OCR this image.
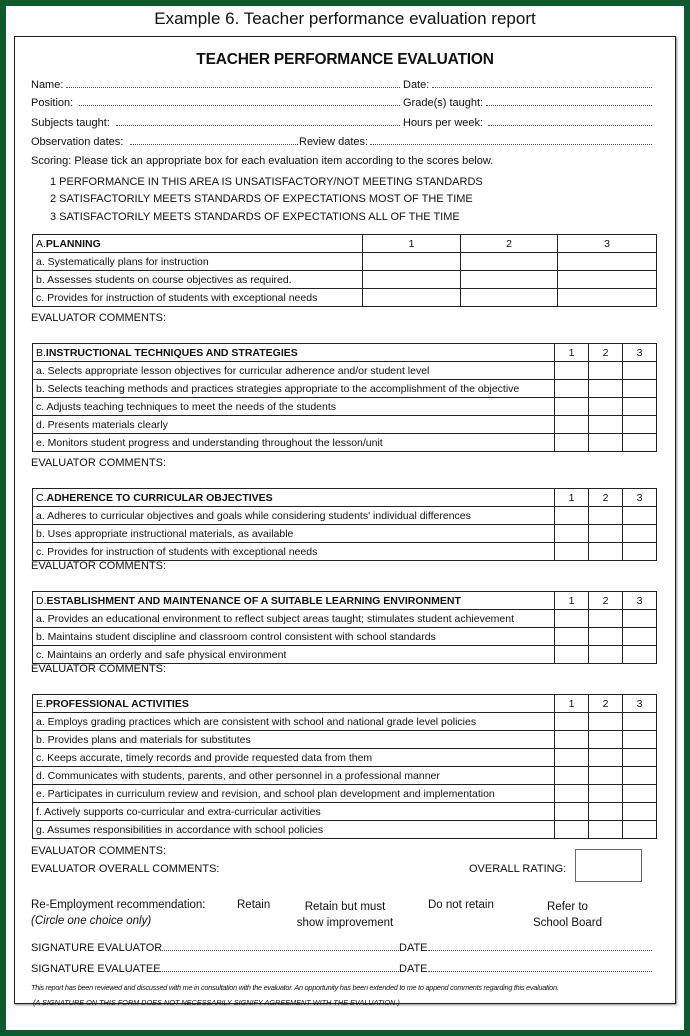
Example 6. Teacher performance evaluation report
TEACHER PERFORMANCE EVALUATION
Name:	Date:
Position:	Grade(s) taught:
Subjects taught:	Hours per week:
Observation dates:	Review dates:
Scoring: Please tick an appropriate box for each evaluation item according to the scores below.
1 PERFORMANCE IN THIS AREA IS UNSATISFACTORY/NOT MEETING STANDARDS
2 SATISFACTORILY MEETS STANDARDS OF EXPECTATIONS MOST OF THE TIME
3 SATISFACTORILY MEETS STANDARDS OF EXPECTATIONS ALL OF THE TIME
A.PLANNING	1	2	3
a. Systematically plans for instruction			
b. Assesses students on course objectives as required.			
c. Provides for instruction of students with exceptional needs			
EVALUATOR COMMENTS:
B.INSTRUCTIONAL TECHNIQUES AND STRATEGIES	1	2	3
a. Selects appropriate lesson objectives for curricular adherence and/or student level			
b. Selects teaching methods and practices strategies appropriate to the accomplishment of the objective			
c. Adjusts teaching techniques to meet the needs of the students			
d. Presents materials clearly			
e. Monitors student progress and understanding throughout the lesson/unit			
EVALUATOR COMMENTS:
C.ADHERENCE TO CURRICULAR OBJECTIVES	1	2	3
a. Adheres to curricular objectives and goals while considering students' individual differences			
b. Uses appropriate instructional materials, as available			
c. Provides for instruction of students with exceptional needs			
EVALUATOR COMMENTS:
D.ESTABLISHMENT AND MAINTENANCE OF A SUITABLE LEARNING ENVIRONMENT	1	2	3
a. Provides an educational environment to reflect subject areas taught; stimulates student achievement			
b. Maintains student discipline and classroom control consistent with school standards			
c. Maintains an orderly and safe physical environment			
EVALUATOR COMMENTS:
E.PROFESSIONAL ACTIVITIES	1	2	3
a. Employs grading practices which are consistent with school and national grade level policies			
b. Provides plans and materials for substitutes			
c. Keeps accurate, timely records and provide requested data from them			
d. Communicates with students, parents, and other personnel in a professional manner			
e. Participates in curriculum review and revision, and school plan development and implementation			
f. Actively supports co-curricular and extra-curricular activities			
g. Assumes responsibilities in accordance with school policies			
EVALUATOR COMMENTS:
EVALUATOR OVERALL COMMENTS:	OVERALL RATING:
Re-Employment recommendation:
(Circle one choice only)
Retain	Retain but must
show improvement
Do not retain	Refer to
School Board
SIGNATURE EVALUATOR	DATE
SIGNATURE EVALUATEE	DATE
This report has been reviewed and discussed with me in consultation with the evaluator. An opportunity has been extended to me to append comments regarding this evaluation.
(A SIGNATURE ON THIS FORM DOES NOT NECESSARILY SIGNIFY AGREEMENT WITH THE EVALUATION.)
